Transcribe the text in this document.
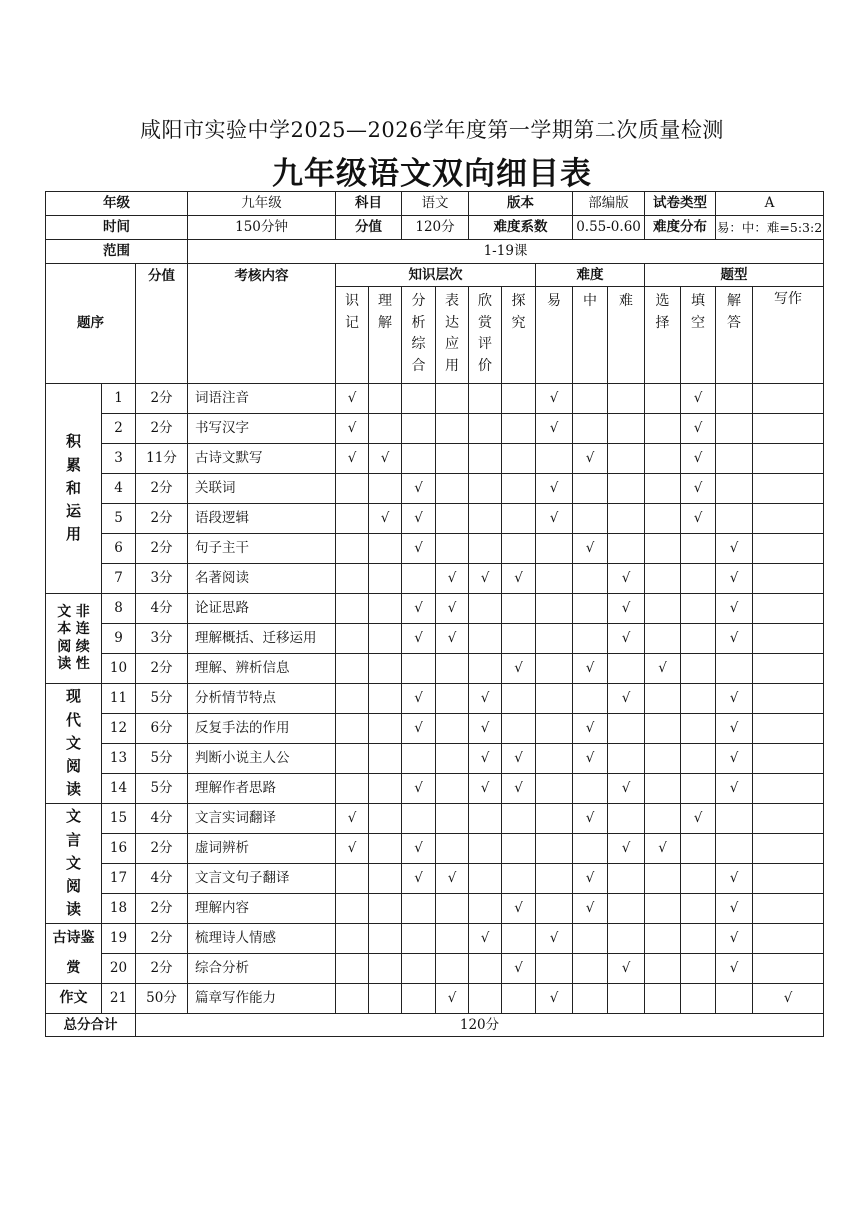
咸阳市实验中学2025—2026学年度第一学期第二次质量检测
九年级语文双向细目表
年级			九年级	科目		语文		版本			部编版		试卷类型		A	
时间			150分钟	分值		120分		难度系数			0.55-0.60		难度分布		易：中：难=5:3:2	
范围			1-19课													
题序		分值	考核内容	知识层次						难度			题型			
				识记	理解	分析综合	表达应用	欣赏评价	探究	易	中	难	选择	填空	解答	写作
积累和运用	1	2分	词语注音	√						√				√		
	2	2分	书写汉字	√						√				√		
	3	11分	古诗文默写	√	√						√			√		
	4	2分	关联词			√				√				√		
	5	2分	语段逻辑		√	√				√				√		
	6	2分	句子主干			√					√				√	
	7	3分	名著阅读				√	√	√			√			√	

非连续性
文本阅读	8	4分	论证思路			√	√					√			√	
	9	3分	理解概括、迁移运用			√	√					√			√	
	10	2分	理解、辨析信息						√		√		√			
现代文阅读	11	5分	分析情节特点			√		√				√			√	
	12	6分	反复手法的作用			√		√			√				√	
	13	5分	判断小说主人公					√	√		√				√	
	14	5分	理解作者思路			√		√	√			√			√	
文言文阅读	15	4分	文言实词翻译	√							√			√		
	16	2分	虚词辨析	√		√						√	√			
	17	4分	文言文句子翻译			√	√				√				√	
	18	2分	理解内容						√		√				√	
古诗鉴赏	19	2分	梳理诗人情感					√		√					√	
	20	2分	综合分析						√			√			√	
作文	21	50分	篇章写作能力				√			√						√
总分合计		120分														
